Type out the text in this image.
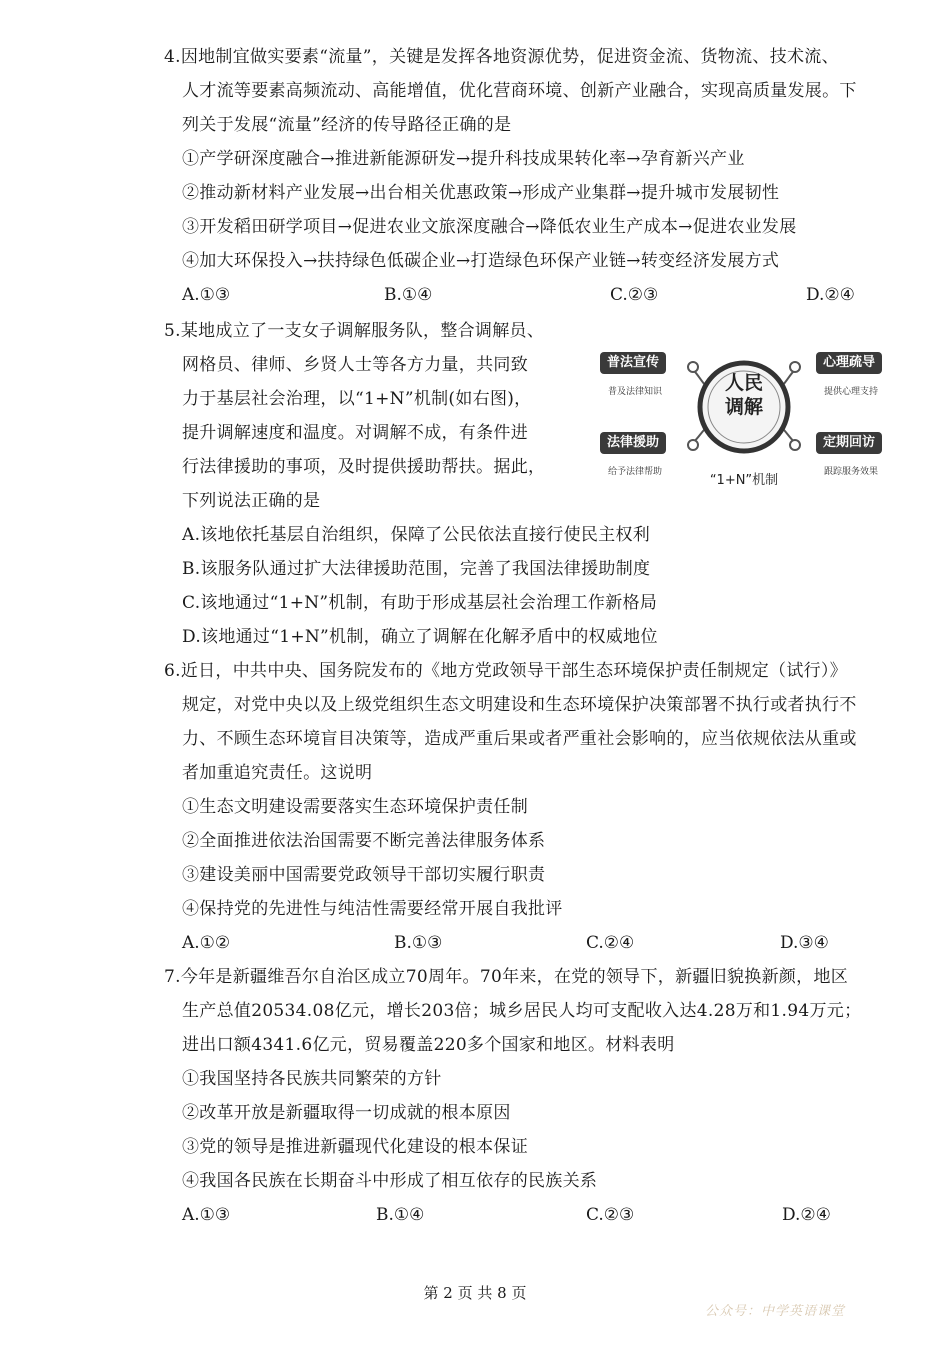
4.因地制宜做实要素“流量”，关键是发挥各地资源优势，促进资金流、货物流、技术流、
人才流等要素高频流动、高能增值，优化营商环境、创新产业融合，实现高质量发展。下
列关于发展“流量”经济的传导路径正确的是
①产学研深度融合→推进新能源研发→提升科技成果转化率→孕育新兴产业
②推动新材料产业发展→出台相关优惠政策→形成产业集群→提升城市发展韧性
③开发稻田研学项目→促进农业文旅深度融合→降低农业生产成本→促进农业发展
④加大环保投入→扶持绿色低碳企业→打造绿色环保产业链→转变经济发展方式
A.①③	B.①④	C.②③	D.②④
5.某地成立了一支女子调解服务队，整合调解员、
网格员、律师、乡贤人士等各方力量，共同致
力于基层社会治理，以“1+N”机制(如右图)，
提升调解速度和温度。对调解不成，有条件进
行法律援助的事项，及时提供援助帮扶。据此，
下列说法正确的是
人民
调解
普法宣传
普及法律知识
心理疏导
提供心理支持
法律援助
给予法律帮助
定期回访
跟踪服务效果
“1+N”机制
A.该地依托基层自治组织，保障了公民依法直接行使民主权利
B.该服务队通过扩大法律援助范围，完善了我国法律援助制度
C.该地通过“1+N”机制，有助于形成基层社会治理工作新格局
D.该地通过“1+N”机制，确立了调解在化解矛盾中的权威地位
6.近日，中共中央、国务院发布的《地方党政领导干部生态环境保护责任制规定（试行）》
规定，对党中央以及上级党组织生态文明建设和生态环境保护决策部署不执行或者执行不
力、不顾生态环境盲目决策等，造成严重后果或者严重社会影响的，应当依规依法从重或
者加重追究责任。这说明
①生态文明建设需要落实生态环境保护责任制
②全面推进依法治国需要不断完善法律服务体系
③建设美丽中国需要党政领导干部切实履行职责
④保持党的先进性与纯洁性需要经常开展自我批评
A.①②	B.①③	C.②④	D.③④
7.今年是新疆维吾尔自治区成立70周年。70年来，在党的领导下，新疆旧貌换新颜，地区
生产总值20534.08亿元，增长203倍；城乡居民人均可支配收入达4.28万和1.94万元；
进出口额4341.6亿元，贸易覆盖220多个国家和地区。材料表明
①我国坚持各民族共同繁荣的方针
②改革开放是新疆取得一切成就的根本原因
③党的领导是推进新疆现代化建设的根本保证
④我国各民族在长期奋斗中形成了相互依存的民族关系
A.①③	B.①④	C.②③	D.②④
第 2 页 共 8 页
公众号：中学英语课堂
